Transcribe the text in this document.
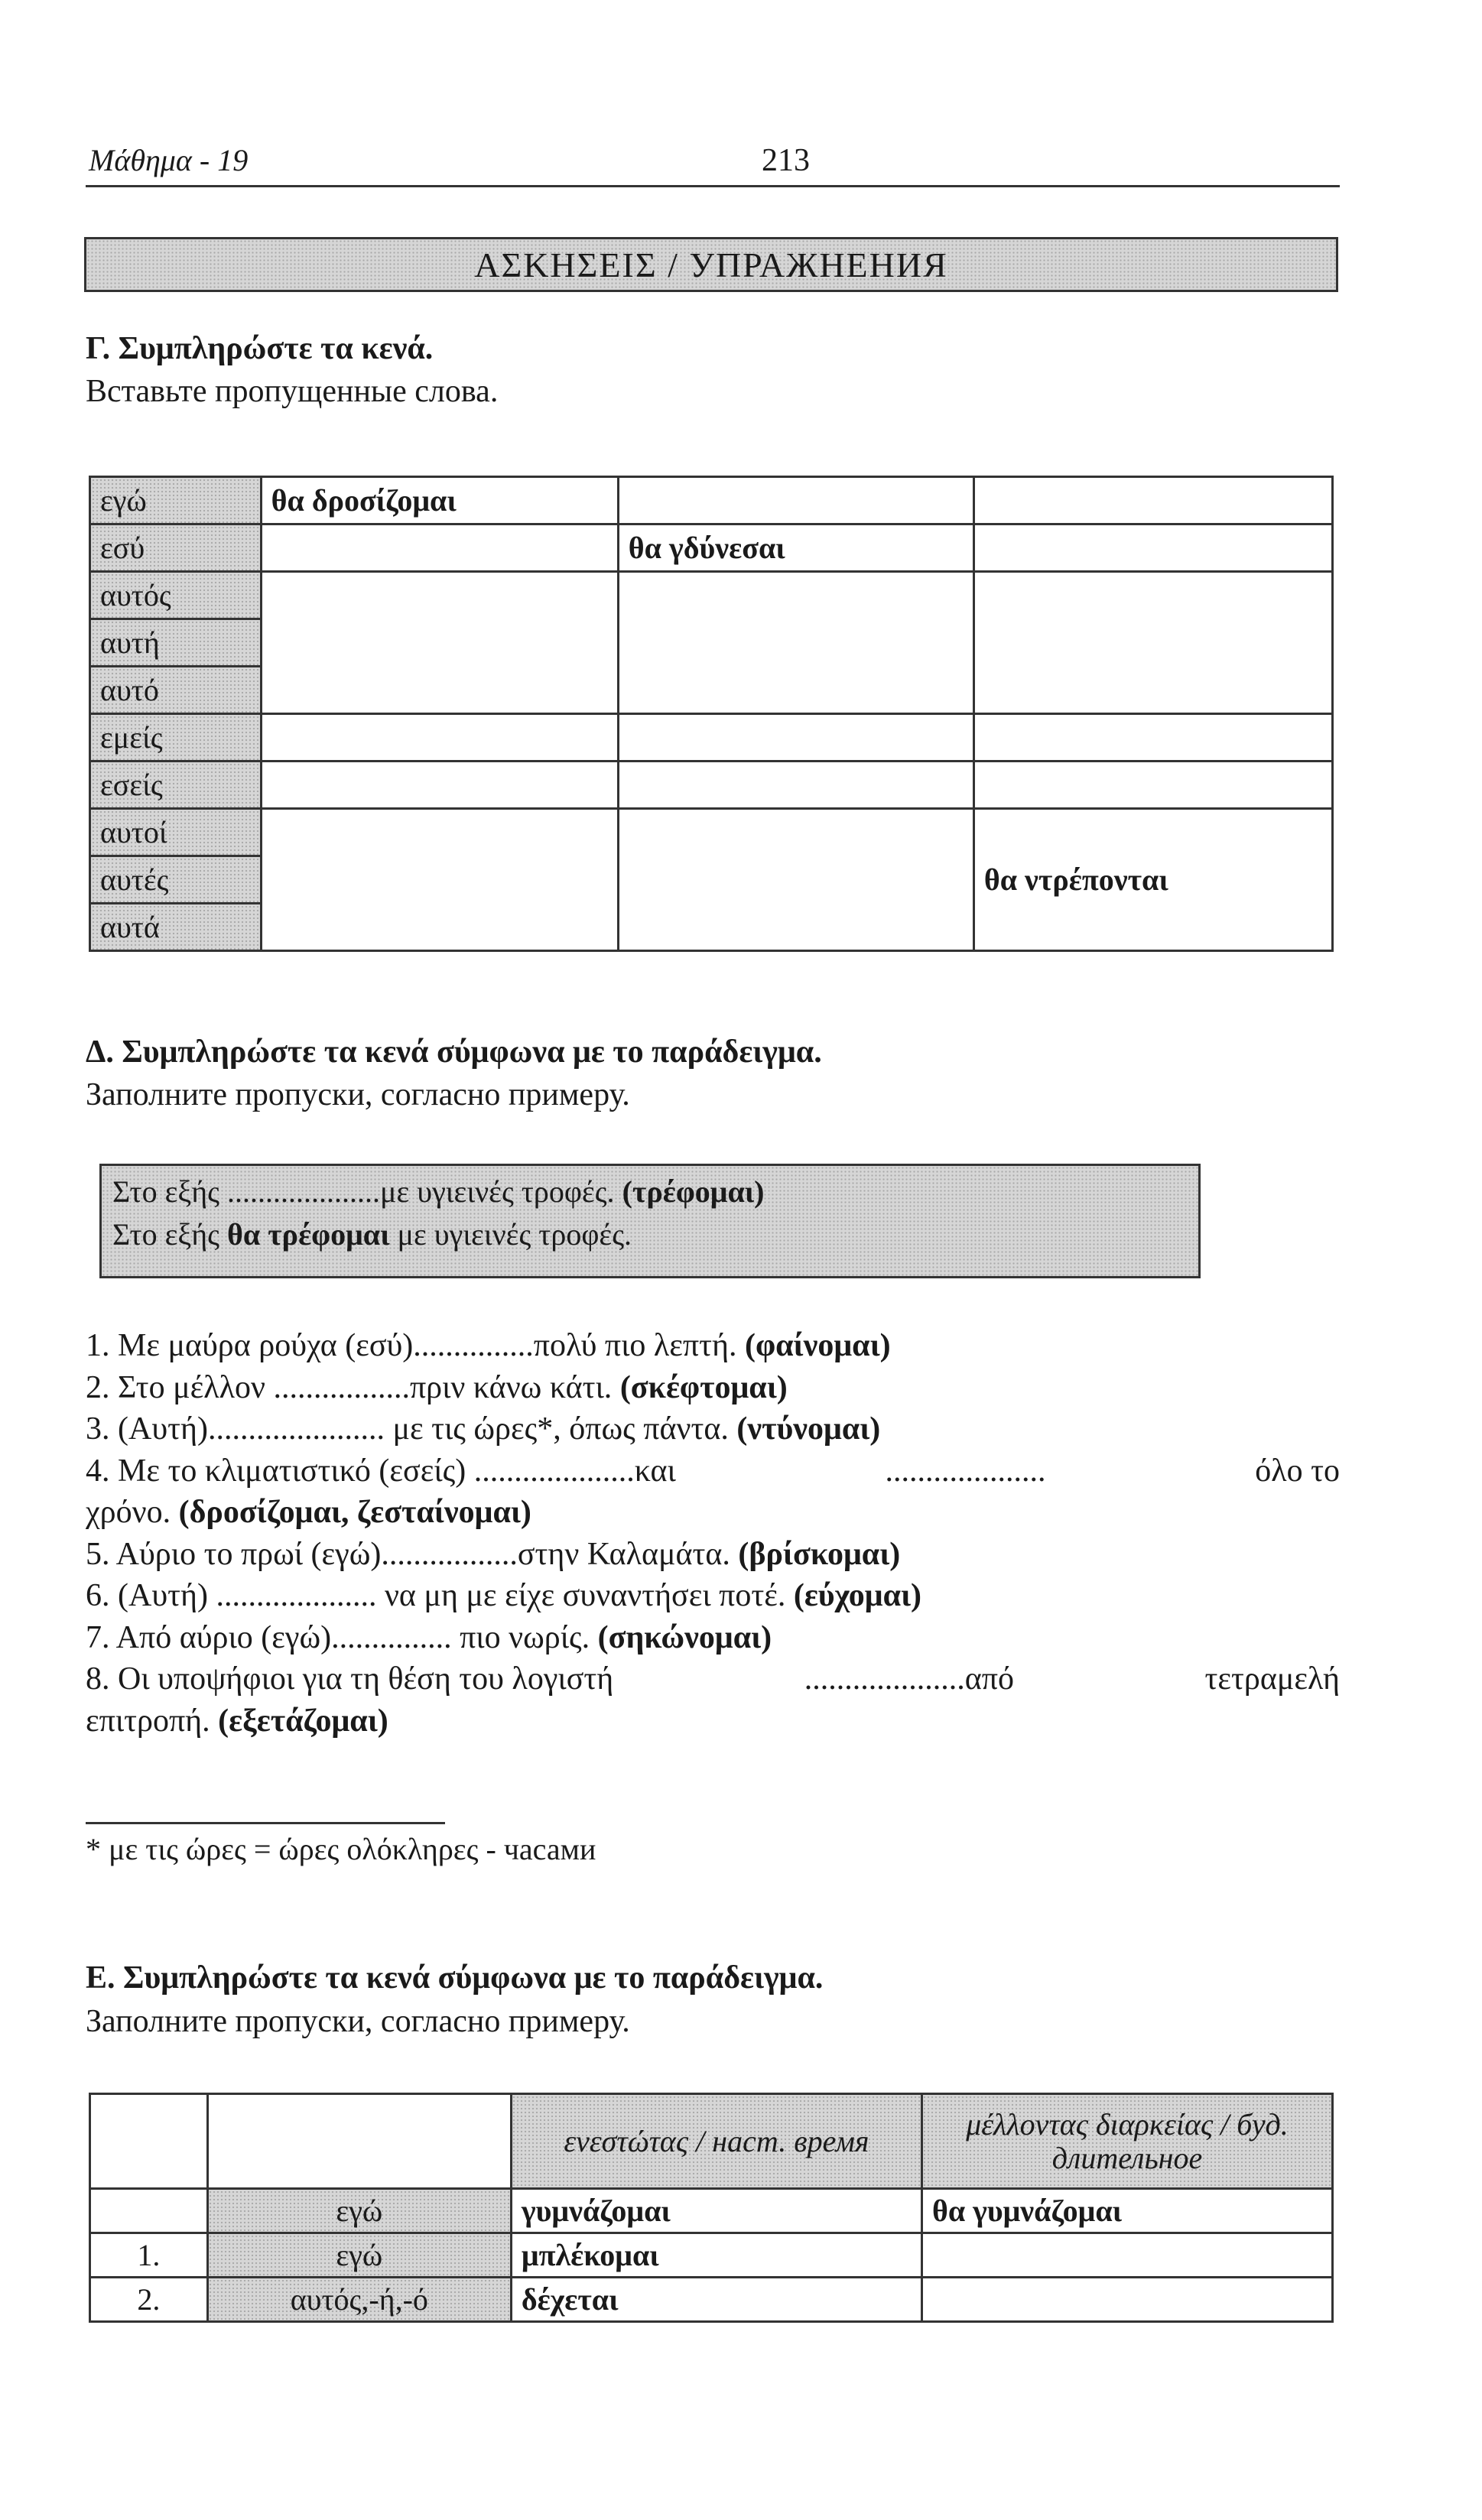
Μάθημα - 19	213
ΑΣΚΗΣΕΙΣ / УПРАЖНЕНИЯ
Γ. Συμπληρώστε τα κενά.
Вставьте пропущенные слова.
εγώ	θα δροσίζομαι		
εσύ		θα γδύνεσαι	
αυτός			
αυτή			
αυτό			
εμείς			
εσείς			
αυτοί			θα ντρέπονται
αυτές			
αυτά			
Δ. Συμπληρώστε τα κενά σύμφωνα με το παράδειγμα.
Заполните пропуски, согласно примеру.
Στο εξής ....................με υγιεινές τροφές. (τρέφομαι)
Στο εξής θα τρέφομαι με υγιεινές τροφές.
1. Με μαύρα ρούχα (εσύ)...............πολύ πιο λεπτή. (φαίνομαι)
2. Στο μέλλον .................πριν κάνω κάτι. (σκέφτομαι)
3. (Αυτή)...................... με τις ώρες*, όπως πάντα. (ντύνομαι)
4. Με το κλιματιστικό (εσείς) ....................και	....................	όλο το
χρόνο. (δροσίζομαι, ζεσταίνομαι)
5. Αύριο το πρωί (εγώ).................στην Καλαμάτα. (βρίσκομαι)
6. (Αυτή) .................... να μη με είχε συναντήσει ποτέ. (εύχομαι)
7. Από αύριο (εγώ)............... πιο νωρίς. (σηκώνομαι)
8. Οι υποψήφιοι για τη θέση του λογιστή	....................από	τετραμελή
επιτροπή. (εξετάζομαι)
* με τις ώρες = ώρες ολόκληρες - часами
Ε. Συμπληρώστε τα κενά σύμφωνα με το παράδειγμα.
Заполните пропуски, согласно примеру.
		ενεστώτας / наст. время	μέλλοντας διαρκείας / буд. длительное
	εγώ	γυμνάζομαι	θα γυμνάζομαι
1.	εγώ	μπλέκομαι	
2.	αυτός,-ή,-ό	δέχεται	
